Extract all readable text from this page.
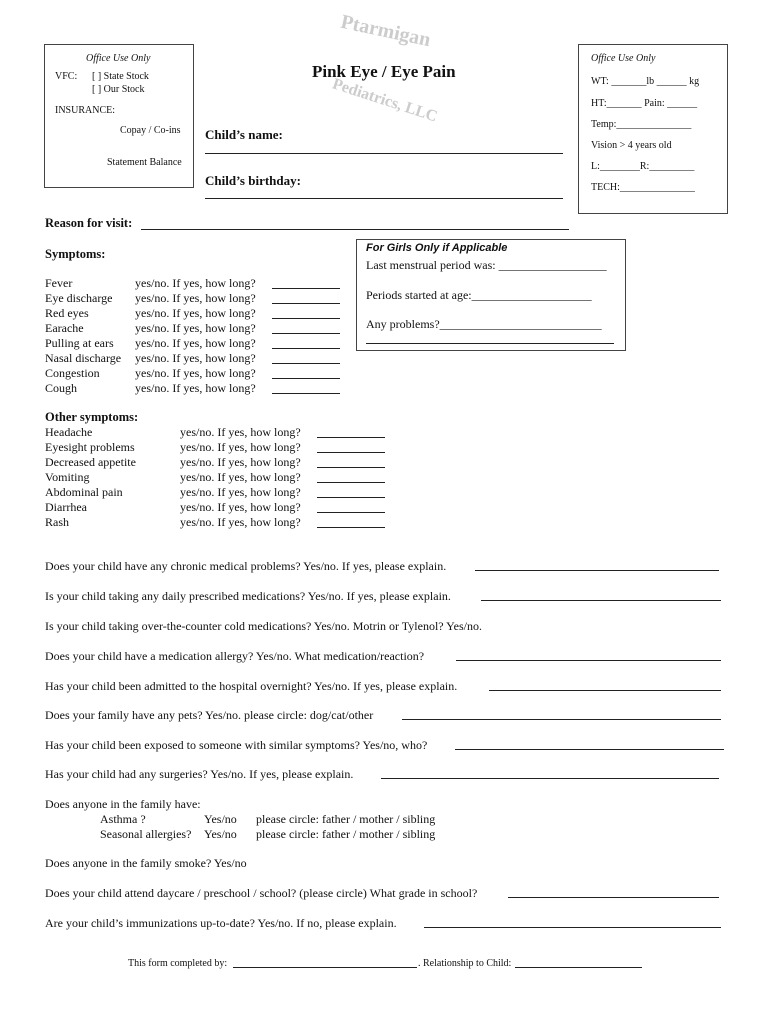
Ptarmigan
Pediatrics, LLC
Office Use Only
VFC: [ ] State Stock
[ ] Our Stock
INSURANCE:
Copay / Co-ins
Statement Balance
Pink Eye / Eye Pain
Child’s name:
Child’s birthday:
Office Use Only
WT: _______lb ______ kg
HT:_______ Pain: ______
Temp:_______________
Vision > 4 years old
L:________R:_________
TECH:_______________
Reason for visit:
Symptoms:
Fever
Eye discharge
Red eyes
Earache
Pulling at ears
Nasal discharge
Congestion
Cough
yes/no. If yes, how long?
yes/no. If yes, how long?
yes/no. If yes, how long?
yes/no. If yes, how long?
yes/no. If yes, how long?
yes/no. If yes, how long?
yes/no. If yes, how long?
yes/no. If yes, how long?
For Girls Only if Applicable
Last menstrual period was: __________________
Periods started at age:____________________
Any problems?___________________________
Other symptoms:
Headache
Eyesight problems
Decreased appetite
Vomiting
Abdominal pain
Diarrhea
Rash
yes/no. If yes, how long?
yes/no. If yes, how long?
yes/no. If yes, how long?
yes/no. If yes, how long?
yes/no. If yes, how long?
yes/no. If yes, how long?
yes/no. If yes, how long?
Does your child have any chronic medical problems? Yes/no. If yes, please explain.
Is your child taking any daily prescribed medications? Yes/no. If yes, please explain.
Is your child taking over-the-counter cold medications? Yes/no. Motrin or Tylenol? Yes/no.
Does your child have a medication allergy? Yes/no. What medication/reaction?
Has your child been admitted to the hospital overnight? Yes/no. If yes, please explain.
Does your family have any pets? Yes/no. please circle: dog/cat/other
Has your child been exposed to someone with similar symptoms? Yes/no, who?
Has your child had any surgeries? Yes/no. If yes, please explain.
Does anyone in the family have:
Asthma ?	Yes/no please circle: father / mother / sibling
Seasonal allergies? Yes/no please circle: father / mother / sibling
Does anyone in the family smoke? Yes/no
Does your child attend daycare / preschool / school? (please circle) What grade in school?
Are your child’s immunizations up-to-date? Yes/no. If no, please explain.
This form completed by:	. Relationship to Child:
